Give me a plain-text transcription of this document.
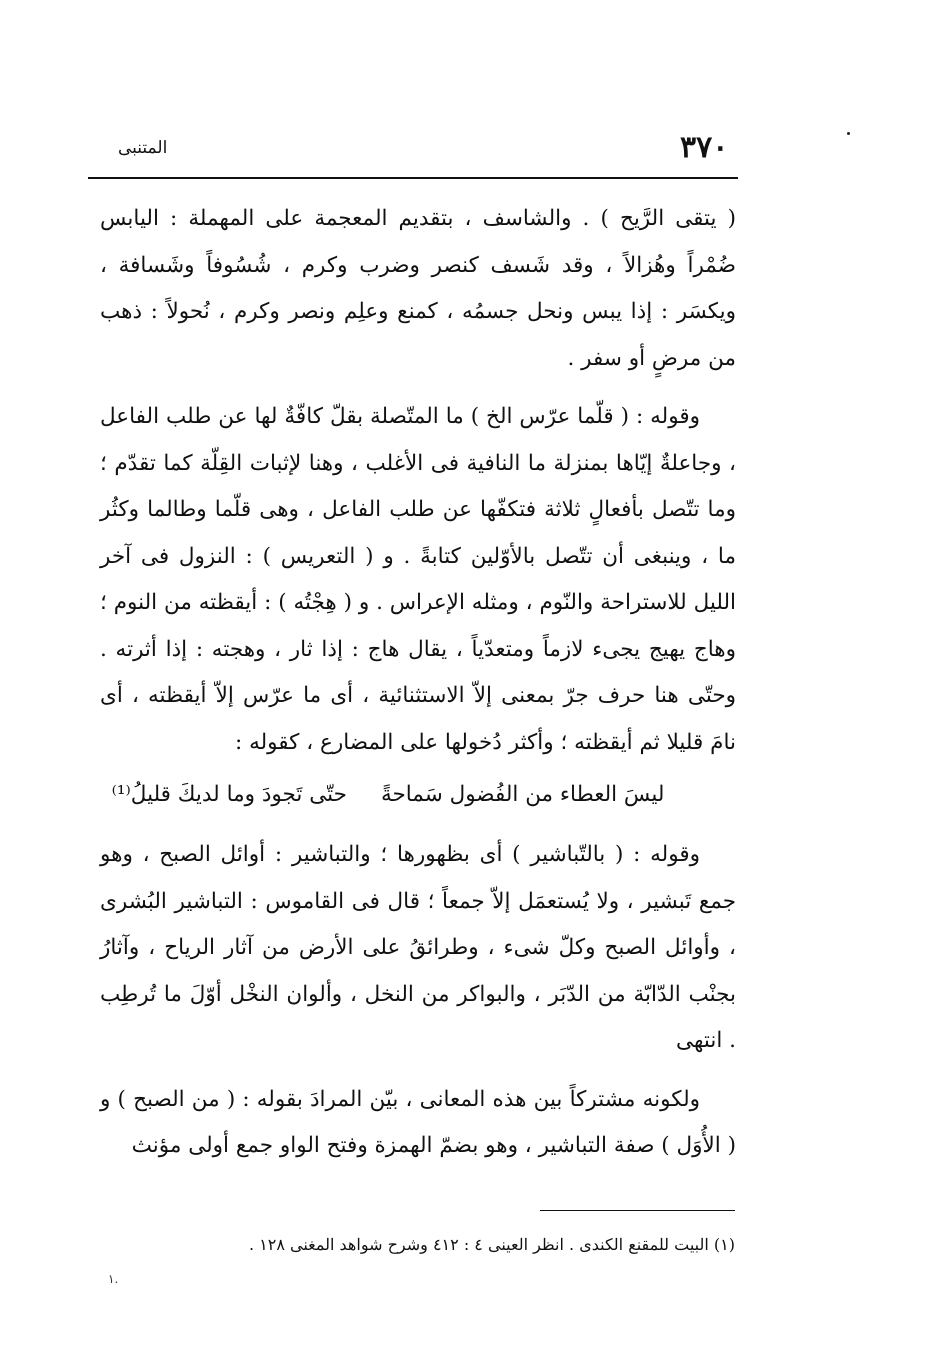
٣٧٠
المتنبى

( يتقى الرَّيح ) . والشاسف ، بتقديم المعجمة على المهملة : اليابس ضُمْراً وهُزالاً ، وقد شَسف كنصر وضرب وكرم ، شُسُوفاً وشَسافة ، ويكسَر : إذا يبس ونحل جسمُه ، كمنع وعلِم ونصر وكرم ، نُحولاً : ذهب من مرضٍ أو سفر .

وقوله : ( قلّما عرّس الخ ) ما المتّصلة بقلّ كافّةٌ لها عن طلب الفاعل ، وجاعلةٌ إيّاها بمنزلة ما النافية فى الأغلب ، وهنا لإثبات القِلّة كما تقدّم ؛ وما تتّصل بأفعالٍ ثلاثة فتكفّها عن طلب الفاعل ، وهى قلّما وطالما وكثُر ما ، وينبغى أن تتّصل بالأوّلين كتابةً . و ( التعريس ) : النزول فى آخر الليل للاستراحة والنّوم ، ومثله الإعراس . و ( هِجْتُه ) : أيقظته من النوم ؛ وهاج يهيج يجىء لازماً ومتعدّياً ، يقال هاج : إذا ثار ، وهجته : إذا أثرته . وحتّى هنا حرف جرّ بمعنى إلاّ الاستثنائية ، أى ما عرّس إلاّ أيقظته ، أى نامَ قليلا ثم أيقظته ؛ وأكثر دُخولها على المضارع ، كقوله :

ليسَ العطاء من الفُضول سَماحةً
حتّى تَجودَ وما لديكَ قليلُ⁽¹⁾

وقوله : ( بالتّباشير ) أى بظهورها ؛ والتباشير : أوائل الصبح ، وهو جمع تَبشير ، ولا يُستعمَل إلاّ جمعاً ؛ قال فى القاموس : التباشير البُشرى ، وأوائل الصبح وكلّ شىء ، وطرائقُ على الأرض من آثار الرياح ، وآثارُ بجنْب الدّابّة من الدّبَر ، والبواكر من النخل ، وألوان النخْل أوّلَ ما تُرطِب . انتهى

ولكونه مشتركاً بين هذه المعانى ، بيّن المرادَ بقوله : ( من الصبح ) و ( الأُوَل ) صفة التباشير ، وهو بضمّ الهمزة وفتح الواو جمع أولى مؤنث

(١) البيت للمقنع الكندى . انظر العينى ٤ : ٤١٢ وشرح شواهد المغنى ١٢٨ .
١.
